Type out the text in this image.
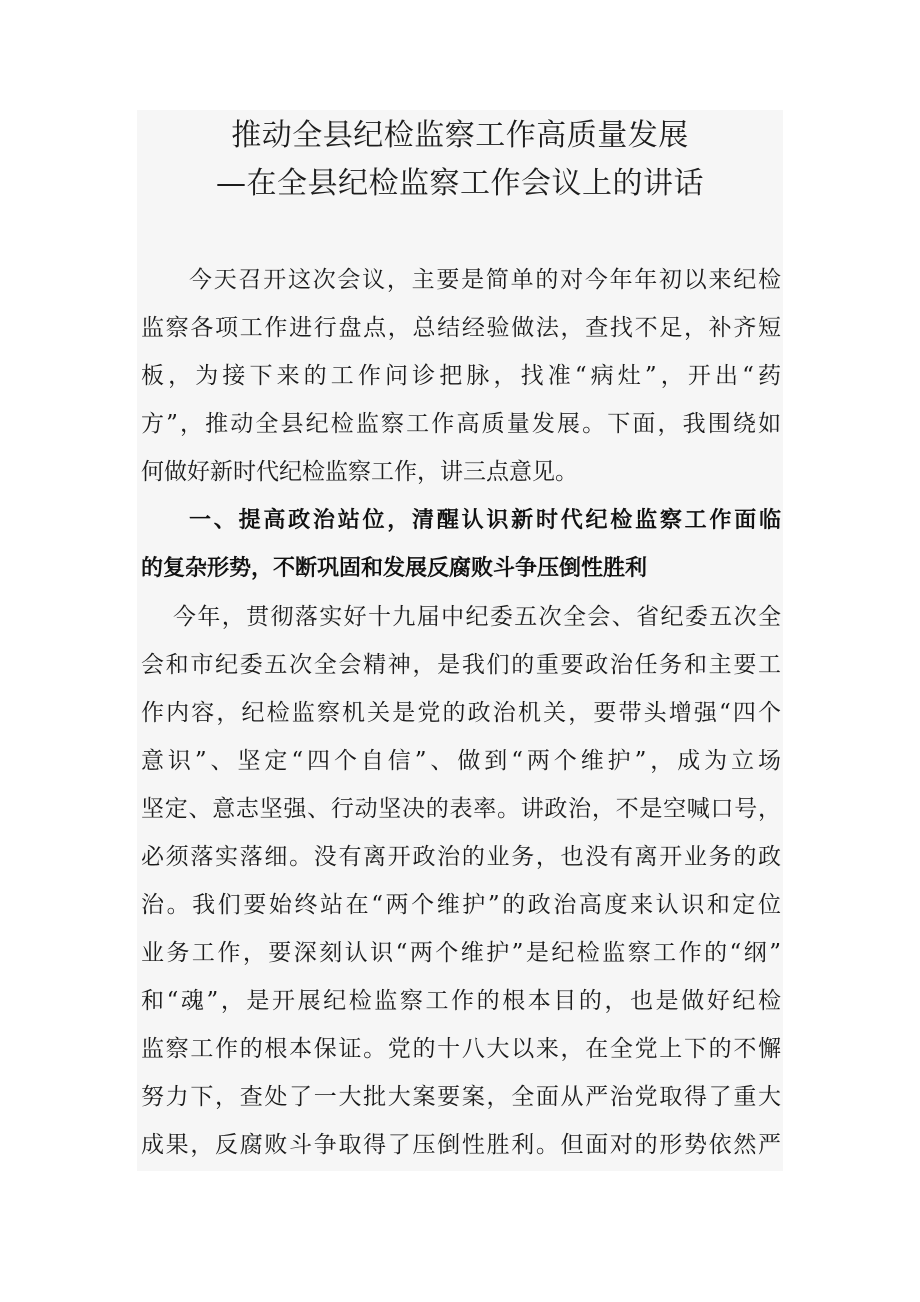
推动全县纪检监察工作高质量发展
—在全县纪检监察工作会议上的讲话
今天召开这次会议，主要是简单的对今年年初以来纪检
监察各项工作进行盘点，总结经验做法，查找不足，补齐短
板，为接下来的工作问诊把脉，找准“病灶”，开出“药
方”，推动全县纪检监察工作高质量发展。下面，我围绕如
何做好新时代纪检监察工作，讲三点意见。
一、提高政治站位，清醒认识新时代纪检监察工作面临
的复杂形势，不断巩固和发展反腐败斗争压倒性胜利
今年，贯彻落实好十九届中纪委五次全会、省纪委五次全
会和市纪委五次全会精神，是我们的重要政治任务和主要工
作内容，纪检监察机关是党的政治机关，要带头增强“四个
意识”、坚定“四个自信”、做到“两个维护”，成为立场
坚定、意志坚强、行动坚决的表率。讲政治，不是空喊口号，
必须落实落细。没有离开政治的业务，也没有离开业务的政
治。我们要始终站在“两个维护”的政治高度来认识和定位
业务工作，要深刻认识“两个维护”是纪检监察工作的“纲”
和“魂”，是开展纪检监察工作的根本目的，也是做好纪检
监察工作的根本保证。党的十八大以来，在全党上下的不懈
努力下，查处了一大批大案要案，全面从严治党取得了重大
成果，反腐败斗争取得了压倒性胜利。但面对的形势依然严
